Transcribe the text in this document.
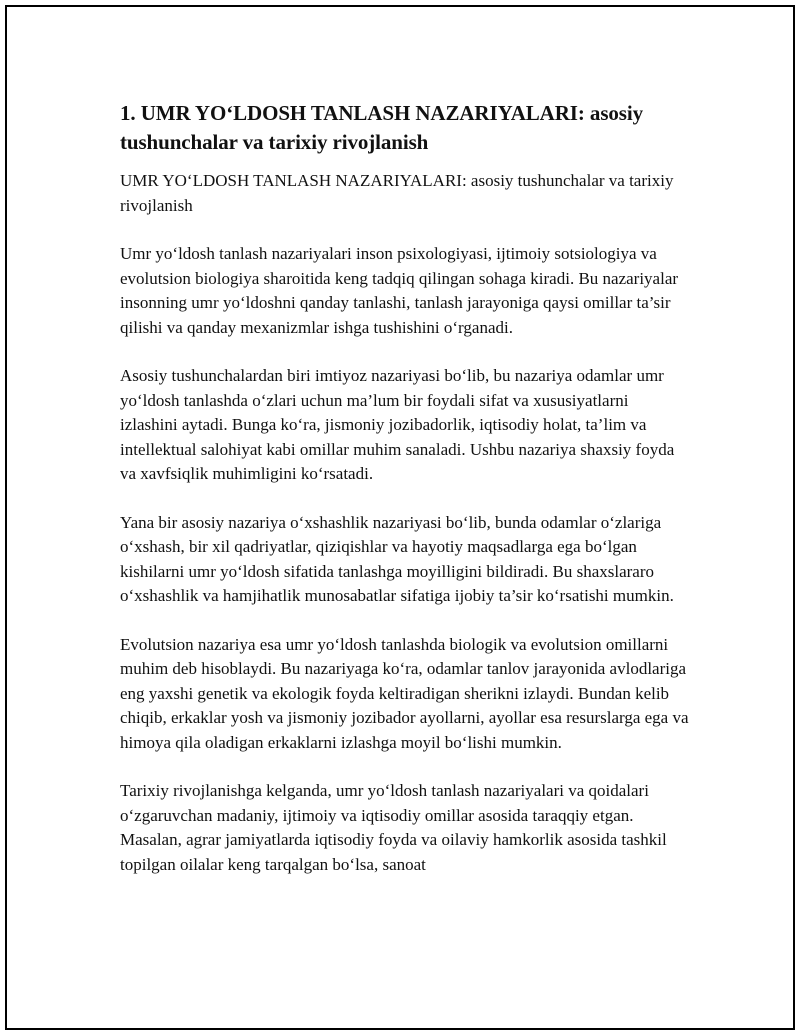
1. UMR YO‘LDOSH TANLASH NAZARIYALARI: asosiy tushunchalar va tarixiy rivojlanish
UMR YO‘LDOSH TANLASH NAZARIYALARI: asosiy tushunchalar va tarixiy rivojlanish

Umr yo‘ldosh tanlash nazariyalari inson psixologiyasi, ijtimoiy sotsiologiya va evolutsion biologiya sharoitida keng tadqiq qilingan sohaga kiradi. Bu nazariyalar insonning umr yo‘ldoshni qanday tanlashi, tanlash jarayoniga qaysi omillar ta’sir qilishi va qanday mexanizmlar ishga tushishini o‘rganadi.

Asosiy tushunchalardan biri imtiyoz nazariyasi bo‘lib, bu nazariya odamlar umr yo‘ldosh tanlashda o‘zlari uchun ma’lum bir foydali sifat va xususiyatlarni izlashini aytadi. Bunga ko‘ra, jismoniy jozibadorlik, iqtisodiy holat, ta’lim va intellektual salohiyat kabi omillar muhim sanaladi. Ushbu nazariya shaxsiy foyda va xavfsiqlik muhimligini ko‘rsatadi.

Yana bir asosiy nazariya o‘xshashlik nazariyasi bo‘lib, bunda odamlar o‘zlariga o‘xshash, bir xil qadriyatlar, qiziqishlar va hayotiy maqsadlarga ega bo‘lgan kishilarni umr yo‘ldosh sifatida tanlashga moyilligini bildiradi. Bu shaxslararo o‘xshashlik va hamjihatlik munosabatlar sifatiga ijobiy ta’sir ko‘rsatishi mumkin.

Evolutsion nazariya esa umr yo‘ldosh tanlashda biologik va evolutsion omillarni muhim deb hisoblaydi. Bu nazariyaga ko‘ra, odamlar tanlov jarayonida avlodlariga eng yaxshi genetik va ekologik foyda keltiradigan sherikni izlaydi. Bundan kelib chiqib, erkaklar yosh va jismoniy jozibador ayollarni, ayollar esa resurslarga ega va himoya qila oladigan erkaklarni izlashga moyil bo‘lishi mumkin.

Tarixiy rivojlanishga kelganda, umr yo‘ldosh tanlash nazariyalari va qoidalari o‘zgaruvchan madaniy, ijtimoiy va iqtisodiy omillar asosida taraqqiy etgan. Masalan, agrar jamiyatlarda iqtisodiy foyda va oilaviy hamkorlik asosida tashkil topilgan oilalar keng tarqalgan bo‘lsa, sanoat
